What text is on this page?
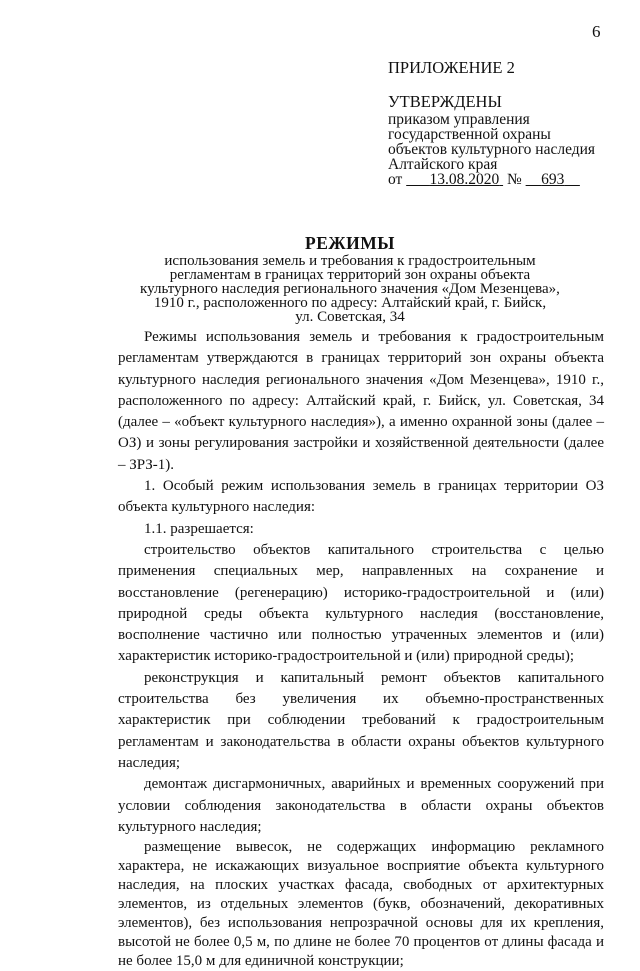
6
ПРИЛОЖЕНИЕ 2
УТВЕРЖДЕНЫ
приказом управления
государственной охраны
объектов культурного наследия
Алтайского края
от 13.08.2020 № 693
РЕЖИМЫ
использования земель и требования к градостроительным
регламентам в границах территорий зон охраны объекта
культурного наследия регионального значения «Дом Мезенцева»,
1910 г., расположенного по адресу: Алтайский край, г. Бийск,
ул. Советская, 34

Режимы использования земель и требования к градостроительным регламентам утверждаются в границах территорий зон охраны объекта культурного наследия регионального значения «Дом Мезенцева», 1910 г., расположенного по адресу: Алтайский край, г. Бийск, ул. Советская, 34 (далее – «объект культурного наследия»), а именно охранной зоны (далее – ОЗ) и зоны регулирования застройки и хозяйственной деятельности (далее – ЗРЗ-1).

1. Особый режим использования земель в границах территории ОЗ объекта культурного наследия:

1.1. разрешается:

строительство объектов капитального строительства с целью применения специальных мер, направленных на сохранение и восстановление (регенерацию) историко-градостроительной и (или) природной среды объекта культурного наследия (восстановление, восполнение частично или полностью утраченных элементов и (или) характеристик историко-градостроительной и (или) природной среды);

реконструкция и капитальный ремонт объектов капитального строительства без увеличения их объемно-пространственных характеристик при соблюдении требований к градостроительным регламентам и законодательства в области охраны объектов культурного наследия;

демонтаж дисгармоничных, аварийных и временных сооружений при условии соблюдения законодательства в области охраны объектов культурного наследия;

размещение вывесок, не содержащих информацию рекламного характера, не искажающих визуальное восприятие объекта культурного наследия, на плоских участках фасада, свободных от архитектурных элементов, из отдельных элементов (букв, обозначений, декоративных элементов), без использования непрозрачной основы для их крепления, высотой не более 0,5 м, по длине не более 70 процентов от длины фасада и не более 15,0 м для единичной конструкции;
